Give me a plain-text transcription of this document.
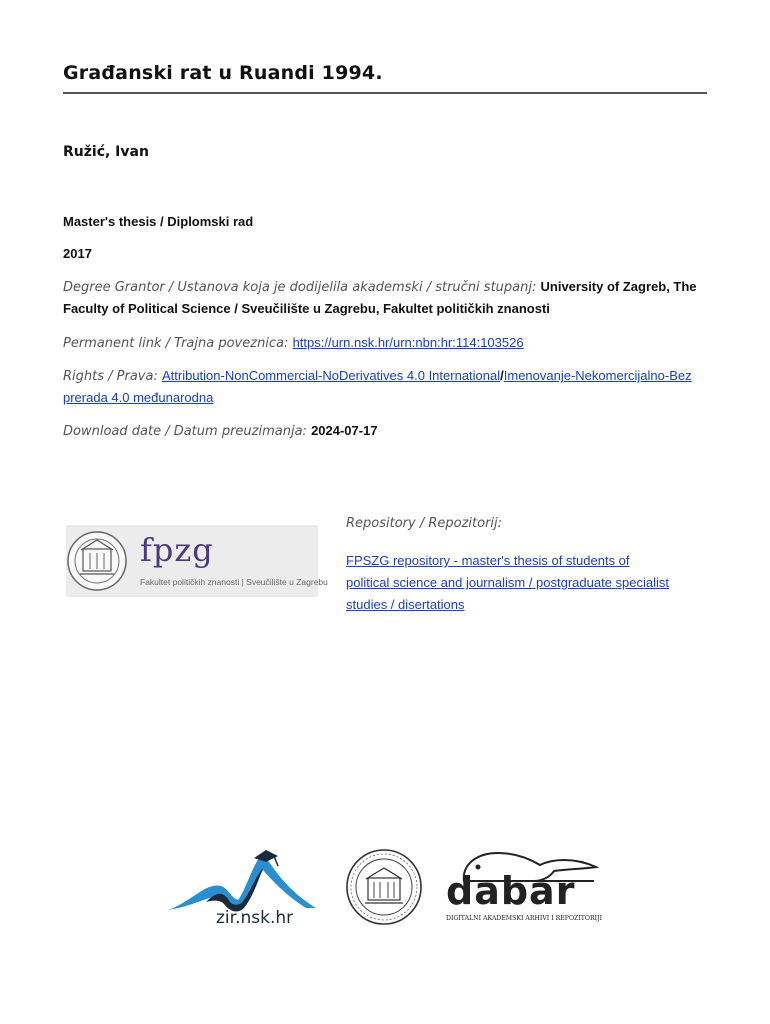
Građanski rat u Ruandi 1994.
Ružić, Ivan
Master's thesis / Diplomski rad
2017
Degree Grantor / Ustanova koja je dodijelila akademski / stručni stupanj: University of Zagreb, The Faculty of Political Science / Sveučilište u Zagrebu, Fakultet političkih znanosti
Permanent link / Trajna poveznica: https://urn.nsk.hr/urn:nbn:hr:114:103526
Rights / Prava: Attribution-NonCommercial-NoDerivatives 4.0 International/Imenovanje-Nekomercijalno-Bez prerada 4.0 međunarodna
Download date / Datum preuzimanja: 2024-07-17
fpzg
Fakultet političkih znanosti | Sveučilište u Zagrebu
Repository / Repozitorij:
FPSZG repository - master's thesis of students of political science and journalism / postgraduate specialist studies / disertations
zir.nsk.hr
dabar
DIGITALNI AKADEMSKI ARHIVI I REPOZITORIJI
